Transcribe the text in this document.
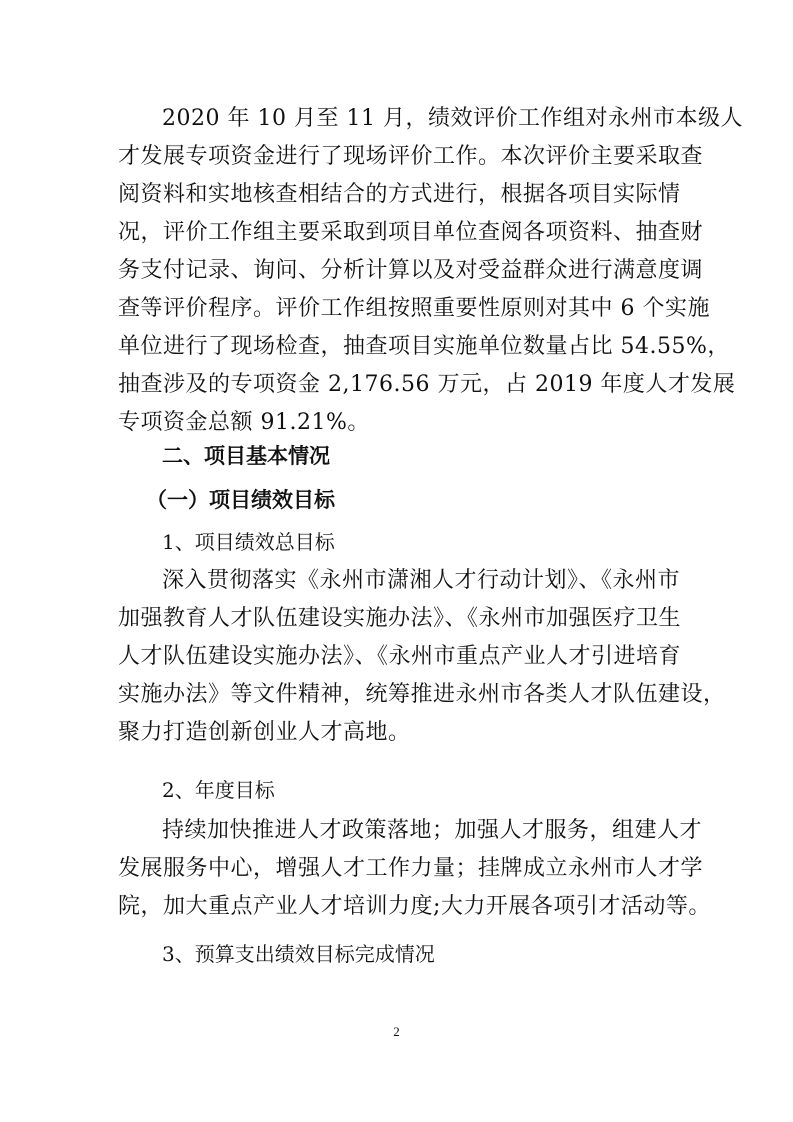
2020 年 10 月至 11 月，绩效评价工作组对永州市本级人
才发展专项资金进行了现场评价工作。本次评价主要采取查
阅资料和实地核查相结合的方式进行，根据各项目实际情
况，评价工作组主要采取到项目单位查阅各项资料、抽查财
务支付记录、询问、分析计算以及对受益群众进行满意度调
查等评价程序。评价工作组按照重要性原则对其中 6 个实施
单位进行了现场检查，抽查项目实施单位数量占比 54.55%，
抽查涉及的专项资金 2,176.56 万元，占 2019 年度人才发展
专项资金总额 91.21%。
二、项目基本情况
（一）项目绩效目标
1、项目绩效总目标
深入贯彻落实《永州市潇湘人才行动计划》、《永州市
加强教育人才队伍建设实施办法》、《永州市加强医疗卫生
人才队伍建设实施办法》、《永州市重点产业人才引进培育
实施办法》等文件精神，统筹推进永州市各类人才队伍建设，
聚力打造创新创业人才高地。
2、年度目标
持续加快推进人才政策落地；加强人才服务，组建人才
发展服务中心，增强人才工作力量；挂牌成立永州市人才学
院，加大重点产业人才培训力度;大力开展各项引才活动等。
3、预算支出绩效目标完成情况
2
